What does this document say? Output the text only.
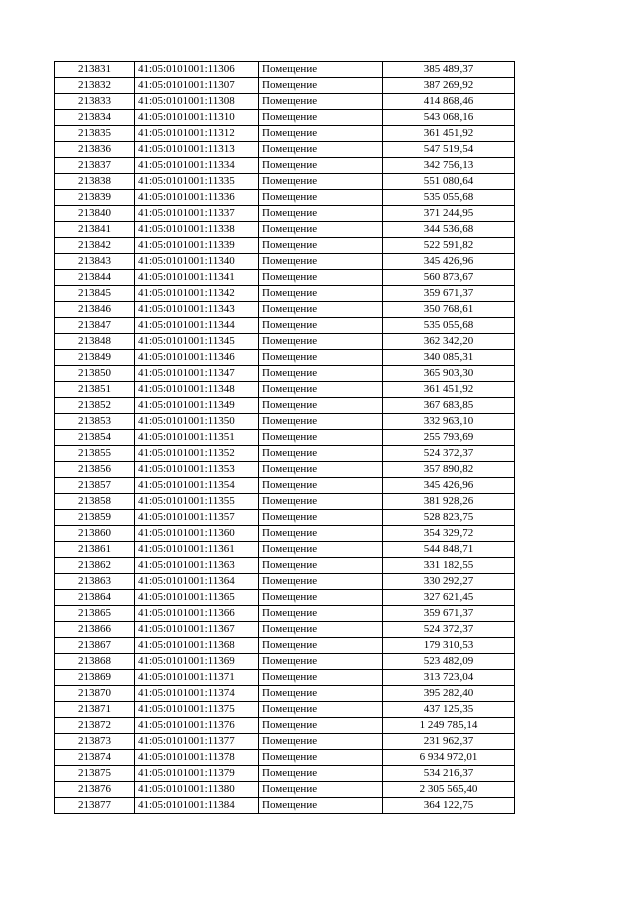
213831	41:05:0101001:11306	Помещение	385 489,37
213832	41:05:0101001:11307	Помещение	387 269,92
213833	41:05:0101001:11308	Помещение	414 868,46
213834	41:05:0101001:11310	Помещение	543 068,16
213835	41:05:0101001:11312	Помещение	361 451,92
213836	41:05:0101001:11313	Помещение	547 519,54
213837	41:05:0101001:11334	Помещение	342 756,13
213838	41:05:0101001:11335	Помещение	551 080,64
213839	41:05:0101001:11336	Помещение	535 055,68
213840	41:05:0101001:11337	Помещение	371 244,95
213841	41:05:0101001:11338	Помещение	344 536,68
213842	41:05:0101001:11339	Помещение	522 591,82
213843	41:05:0101001:11340	Помещение	345 426,96
213844	41:05:0101001:11341	Помещение	560 873,67
213845	41:05:0101001:11342	Помещение	359 671,37
213846	41:05:0101001:11343	Помещение	350 768,61
213847	41:05:0101001:11344	Помещение	535 055,68
213848	41:05:0101001:11345	Помещение	362 342,20
213849	41:05:0101001:11346	Помещение	340 085,31
213850	41:05:0101001:11347	Помещение	365 903,30
213851	41:05:0101001:11348	Помещение	361 451,92
213852	41:05:0101001:11349	Помещение	367 683,85
213853	41:05:0101001:11350	Помещение	332 963,10
213854	41:05:0101001:11351	Помещение	255 793,69
213855	41:05:0101001:11352	Помещение	524 372,37
213856	41:05:0101001:11353	Помещение	357 890,82
213857	41:05:0101001:11354	Помещение	345 426,96
213858	41:05:0101001:11355	Помещение	381 928,26
213859	41:05:0101001:11357	Помещение	528 823,75
213860	41:05:0101001:11360	Помещение	354 329,72
213861	41:05:0101001:11361	Помещение	544 848,71
213862	41:05:0101001:11363	Помещение	331 182,55
213863	41:05:0101001:11364	Помещение	330 292,27
213864	41:05:0101001:11365	Помещение	327 621,45
213865	41:05:0101001:11366	Помещение	359 671,37
213866	41:05:0101001:11367	Помещение	524 372,37
213867	41:05:0101001:11368	Помещение	179 310,53
213868	41:05:0101001:11369	Помещение	523 482,09
213869	41:05:0101001:11371	Помещение	313 723,04
213870	41:05:0101001:11374	Помещение	395 282,40
213871	41:05:0101001:11375	Помещение	437 125,35
213872	41:05:0101001:11376	Помещение	1 249 785,14
213873	41:05:0101001:11377	Помещение	231 962,37
213874	41:05:0101001:11378	Помещение	6 934 972,01
213875	41:05:0101001:11379	Помещение	534 216,37
213876	41:05:0101001:11380	Помещение	2 305 565,40
213877	41:05:0101001:11384	Помещение	364 122,75
